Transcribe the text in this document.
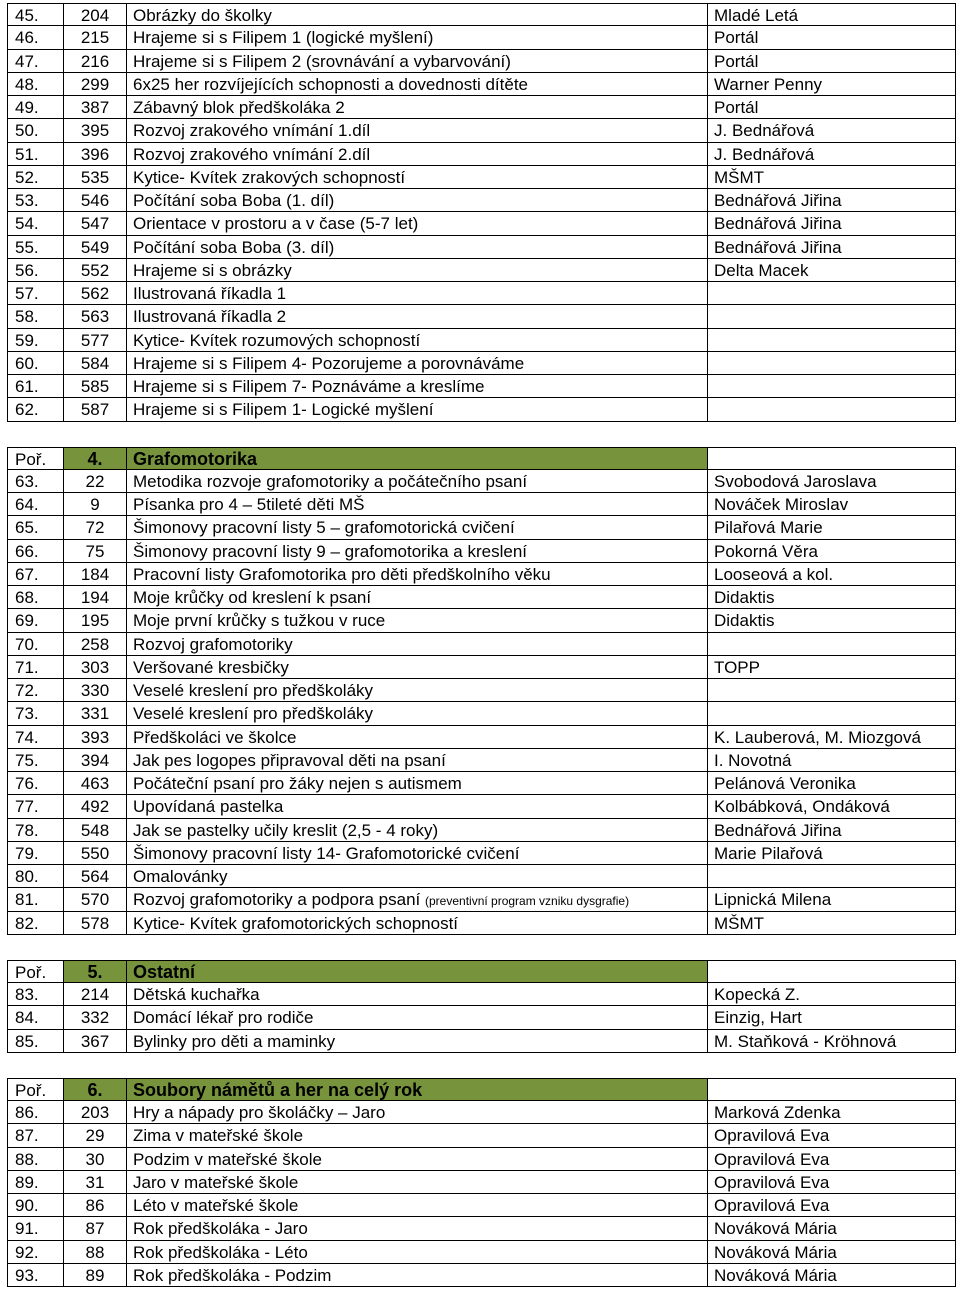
45.	204	Obrázky do školky	Mladé Letá
46.	215	Hrajeme si s Filipem 1 (logické myšlení)	Portál
47.	216	Hrajeme si s Filipem 2 (srovnávání a vybarvování)	Portál
48.	299	6x25 her rozvíjejících schopnosti a dovednosti dítěte	Warner Penny
49.	387	Zábavný blok předškoláka 2	Portál
50.	395	Rozvoj zrakového vnímání 1.díl	J. Bednářová
51.	396	Rozvoj zrakového vnímání 2.díl	J. Bednářová
52.	535	Kytice- Kvítek zrakových schopností	MŠMT
53.	546	Počítání soba Boba (1. díl)	Bednářová Jiřina
54.	547	Orientace v prostoru a v čase (5-7 let)	Bednářová Jiřina
55.	549	Počítání soba Boba (3. díl)	Bednářová Jiřina
56.	552	Hrajeme si s obrázky	Delta Macek
57.	562	Ilustrovaná říkadla 1
58.	563	Ilustrovaná říkadla 2
59.	577	Kytice- Kvítek rozumových schopností
60.	584	Hrajeme si s Filipem 4- Pozorujeme a porovnáváme
61.	585	Hrajeme si s Filipem 7- Poznáváme a kreslíme
62.	587	Hrajeme si s Filipem 1- Logické myšlení
Poř.	4.	Grafomotorika
63.	22	Metodika rozvoje grafomotoriky a počátečního psaní	Svobodová Jaroslava
64.	9	Písanka pro 4 – 5tileté děti MŠ	Nováček Miroslav
65.	72	Šimonovy pracovní listy 5 – grafomotorická cvičení	Pilařová Marie
66.	75	Šimonovy pracovní listy 9 – grafomotorika a kreslení	Pokorná Věra
67.	184	Pracovní listy Grafomotorika pro děti předškolního věku	Looseová a kol.
68.	194	Moje krůčky od kreslení k psaní	Didaktis
69.	195	Moje první krůčky s tužkou v ruce	Didaktis
70.	258	Rozvoj grafomotoriky
71.	303	Veršované kresbičky	TOPP
72.	330	Veselé kreslení pro předškoláky
73.	331	Veselé kreslení pro předškoláky
74.	393	Předškoláci ve školce	K. Lauberová, M. Miozgová
75.	394	Jak pes logopes připravoval děti na psaní	I. Novotná
76.	463	Počáteční psaní pro žáky nejen s autismem	Pelánová Veronika
77.	492	Upovídaná pastelka	Kolbábková, Ondáková
78.	548	Jak se pastelky učily kreslit (2,5 - 4 roky)	Bednářová Jiřina
79.	550	Šimonovy pracovní listy 14- Grafomotorické cvičení	Marie Pilařová
80.	564	Omalovánky
81.	570	Rozvoj grafomotoriky a podpora psaní (preventivní program vzniku dysgrafie)	Lipnická Milena
82.	578	Kytice- Kvítek grafomotorických schopností	MŠMT
Poř.	5.	Ostatní
83.	214	Dětská kuchařka	Kopecká Z.
84.	332	Domácí lékař pro rodiče	Einzig, Hart
85.	367	Bylinky pro děti a maminky	M. Staňková - Kröhnová
Poř.	6.	Soubory námětů a her na celý rok
86.	203	Hry a nápady pro školáčky – Jaro	Marková Zdenka
87.	29	Zima v mateřské škole	Opravilová Eva
88.	30	Podzim v mateřské škole	Opravilová Eva
89.	31	Jaro v mateřské škole	Opravilová Eva
90.	86	Léto v mateřské škole	Opravilová Eva
91.	87	Rok předškoláka - Jaro	Nováková Mária
92.	88	Rok předškoláka - Léto	Nováková Mária
93.	89	Rok předškoláka - Podzim	Nováková Mária
